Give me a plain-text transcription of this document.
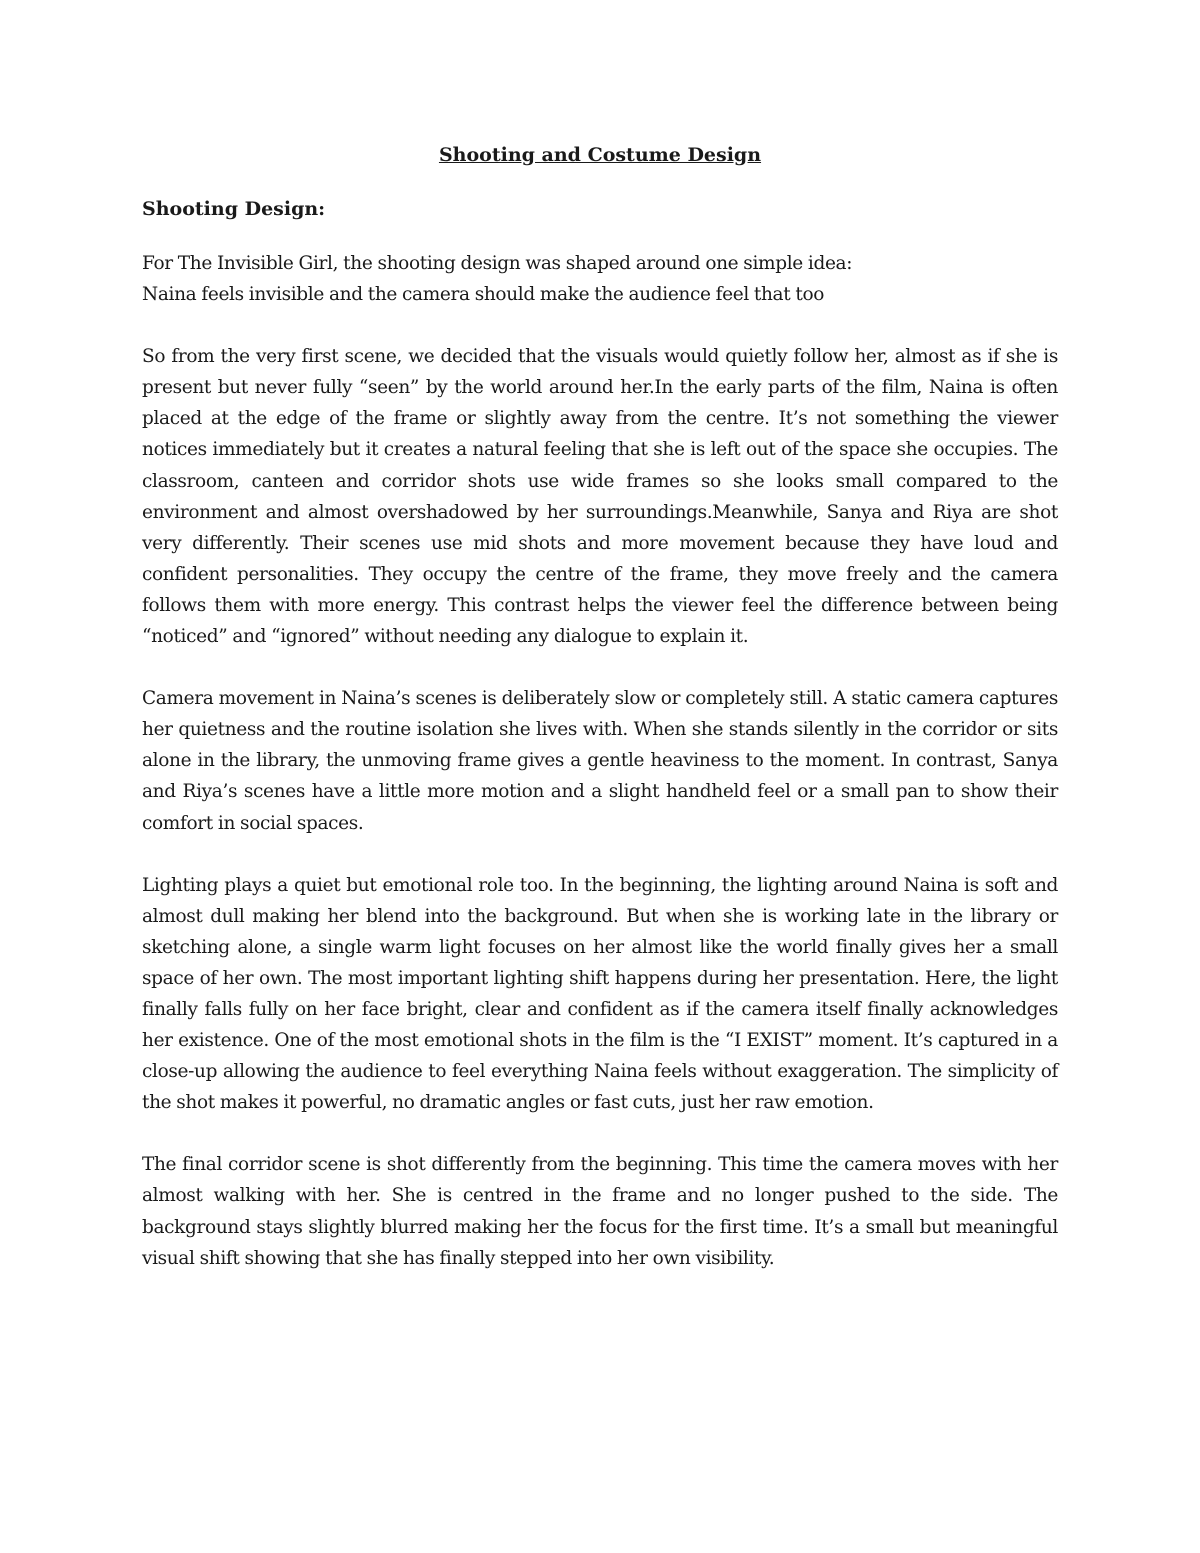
Shooting and Costume Design
Shooting Design:

For The Invisible Girl, the shooting design was shaped around one simple idea:
Naina feels invisible and the camera should make the audience feel that too

So from the very first scene, we decided that the visuals would quietly follow her, almost as if she is present but never fully “seen” by the world around her.In the early parts of the film, Naina is often placed at the edge of the frame or slightly away from the centre. It’s not something the viewer notices immediately but it creates a natural feeling that she is left out of the space she occupies. The classroom, canteen and corridor shots use wide frames so she looks small compared to the environment and almost overshadowed by her surroundings.Meanwhile, Sanya and Riya are shot very differently. Their scenes use mid shots and more movement because they have loud and confident personalities. They occupy the centre of the frame, they move freely and the camera follows them with more energy. This contrast helps the viewer feel the difference between being “noticed” and “ignored” without needing any dialogue to explain it.

Camera movement in Naina’s scenes is deliberately slow or completely still. A static camera captures her quietness and the routine isolation she lives with. When she stands silently in the corridor or sits alone in the library, the unmoving frame gives a gentle heaviness to the moment. In contrast, Sanya and Riya’s scenes have a little more motion and a slight handheld feel or a small pan to show their comfort in social spaces.

Lighting plays a quiet but emotional role too. In the beginning, the lighting around Naina is soft and almost dull making her blend into the background. But when she is working late in the library or sketching alone, a single warm light focuses on her almost like the world finally gives her a small space of her own. The most important lighting shift happens during her presentation. Here, the light finally falls fully on her face bright, clear and confident as if the camera itself finally acknowledges her existence. One of the most emotional shots in the film is the “I EXIST” moment. It’s captured in a close-up allowing the audience to feel everything Naina feels without exaggeration. The simplicity of the shot makes it powerful, no dramatic angles or fast cuts, just her raw emotion.

The final corridor scene is shot differently from the beginning. This time the camera moves with her almost walking with her. She is centred in the frame and no longer pushed to the side. The background stays slightly blurred making her the focus for the first time. It’s a small but meaningful visual shift showing that she has finally stepped into her own visibility.
